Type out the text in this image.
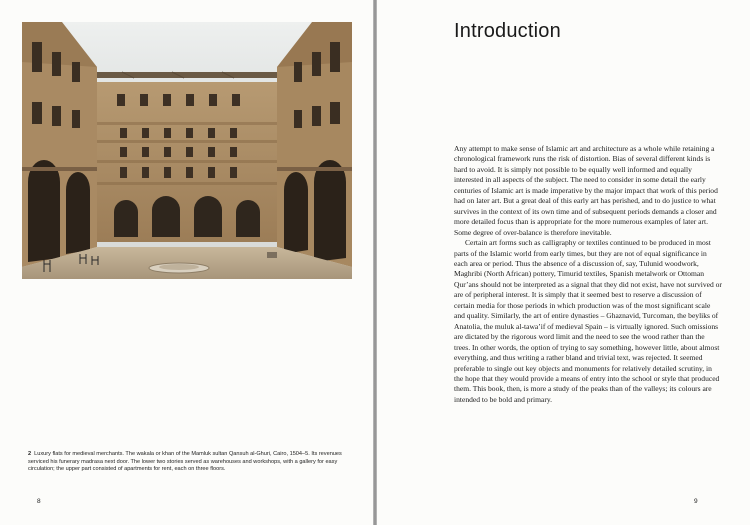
2 Luxury flats for medieval merchants. The wakala or khan of the Mamluk sultan Qansuh al-Ghuri, Cairo, 1504–5. Its revenues serviced his funerary madrasa next door. The lower two stories served as warehouses and workshops, with a gallery for easy circulation; the upper part consisted of apartments for rent, each on three floors.
8
Introduction

Any attempt to make sense of Islamic art and architecture as a whole while retaining a chronological framework runs the risk of distortion. Bias of several different kinds is hard to avoid. It is simply not possible to be equally well informed and equally interested in all aspects of the subject. The need to consider in some detail the early centuries of Islamic art is made imperative by the major impact that work of this period had on later art. But a great deal of this early art has perished, and to do justice to what survives in the context of its own time and of subsequent periods demands a closer and more detailed focus than is appropriate for the more numerous examples of later art. Some degree of over-balance is therefore inevitable.

Certain art forms such as calligraphy or textiles continued to be produced in most parts of the Islamic world from early times, but they are not of equal significance in each area or period. Thus the absence of a discussion of, say, Tulunid woodwork, Maghribi (North African) pottery, Timurid textiles, Spanish metalwork or Ottoman Qur’ans should not be interpreted as a signal that they did not exist, have not survived or are of peripheral interest. It is simply that it seemed best to reserve a discussion of certain media for those periods in which production was of the most significant scale and quality. Similarly, the art of entire dynasties – Ghaznavid, Turcoman, the beyliks of Anatolia, the muluk al-tawa’if of medieval Spain – is virtually ignored. Such omissions are dictated by the rigorous word limit and the need to see the wood rather than the trees. In other words, the option of trying to say something, however little, about almost everything, and thus writing a rather bland and trivial text, was rejected. It seemed preferable to single out key objects and monuments for relatively detailed scrutiny, in the hope that they would provide a means of entry into the school or style that produced them. This book, then, is more a study of the peaks than of the valleys; its colours are intended to be bold and primary.

9
